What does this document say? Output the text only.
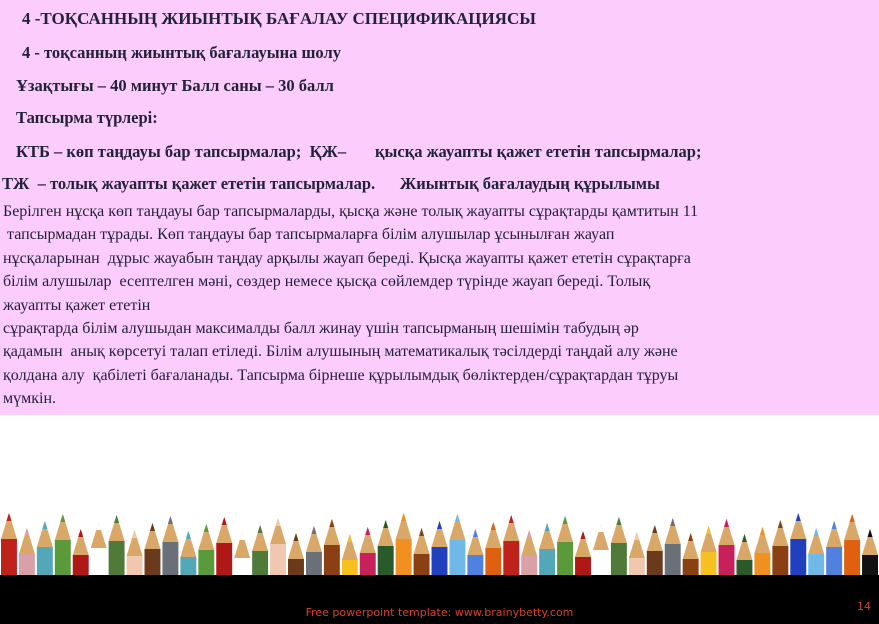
4 -ТОҚСАННЫҢ ЖИЫНТЫҚ БАҒАЛАУ СПЕЦИФИКАЦИЯСЫ
4 - тоқсанның жиынтық бағалауына шолу
Ұзақтығы – 40 минут Балл саны – 30 балл
Тапсырма түрлері:
КТБ – көп таңдауы бар тапсырмалар;  ҚЖ–       қысқа жауапты қажет ететін тапсырмалар;
ТЖ  – толық жауапты қажет ететін тапсырмалар.      Жиынтық бағалаудың құрылымы
Берілген нұсқа көп таңдауы бар тапсырмаларды, қысқа және толық жауапты сұрақтарды қамтитын 11
тапсырмадан тұрады. Көп таңдауы бар тапсырмаларға білім алушылар ұсынылған жауап
нұсқаларынан  дұрыс жауабын таңдау арқылы жауап береді. Қысқа жауапты қажет ететін сұрақтарға
білім алушылар  есептелген мәні, сөздер немесе қысқа сөйлемдер түрінде жауап береді. Толық
жауапты қажет ететін
сұрақтарда білім алушыдан максималды балл жинау үшін тапсырманың шешімін табудың әр
қадамын  анық көрсетуі талап етіледі. Білім алушының математикалық тәсілдерді таңдай алу және
қолдана алу  қабілеті бағаланады. Тапсырма бірнеше құрылымдық бөліктерден/сұрақтардан тұруы
мүмкін.
Free powerpoint template: www.brainybetty.com	14
